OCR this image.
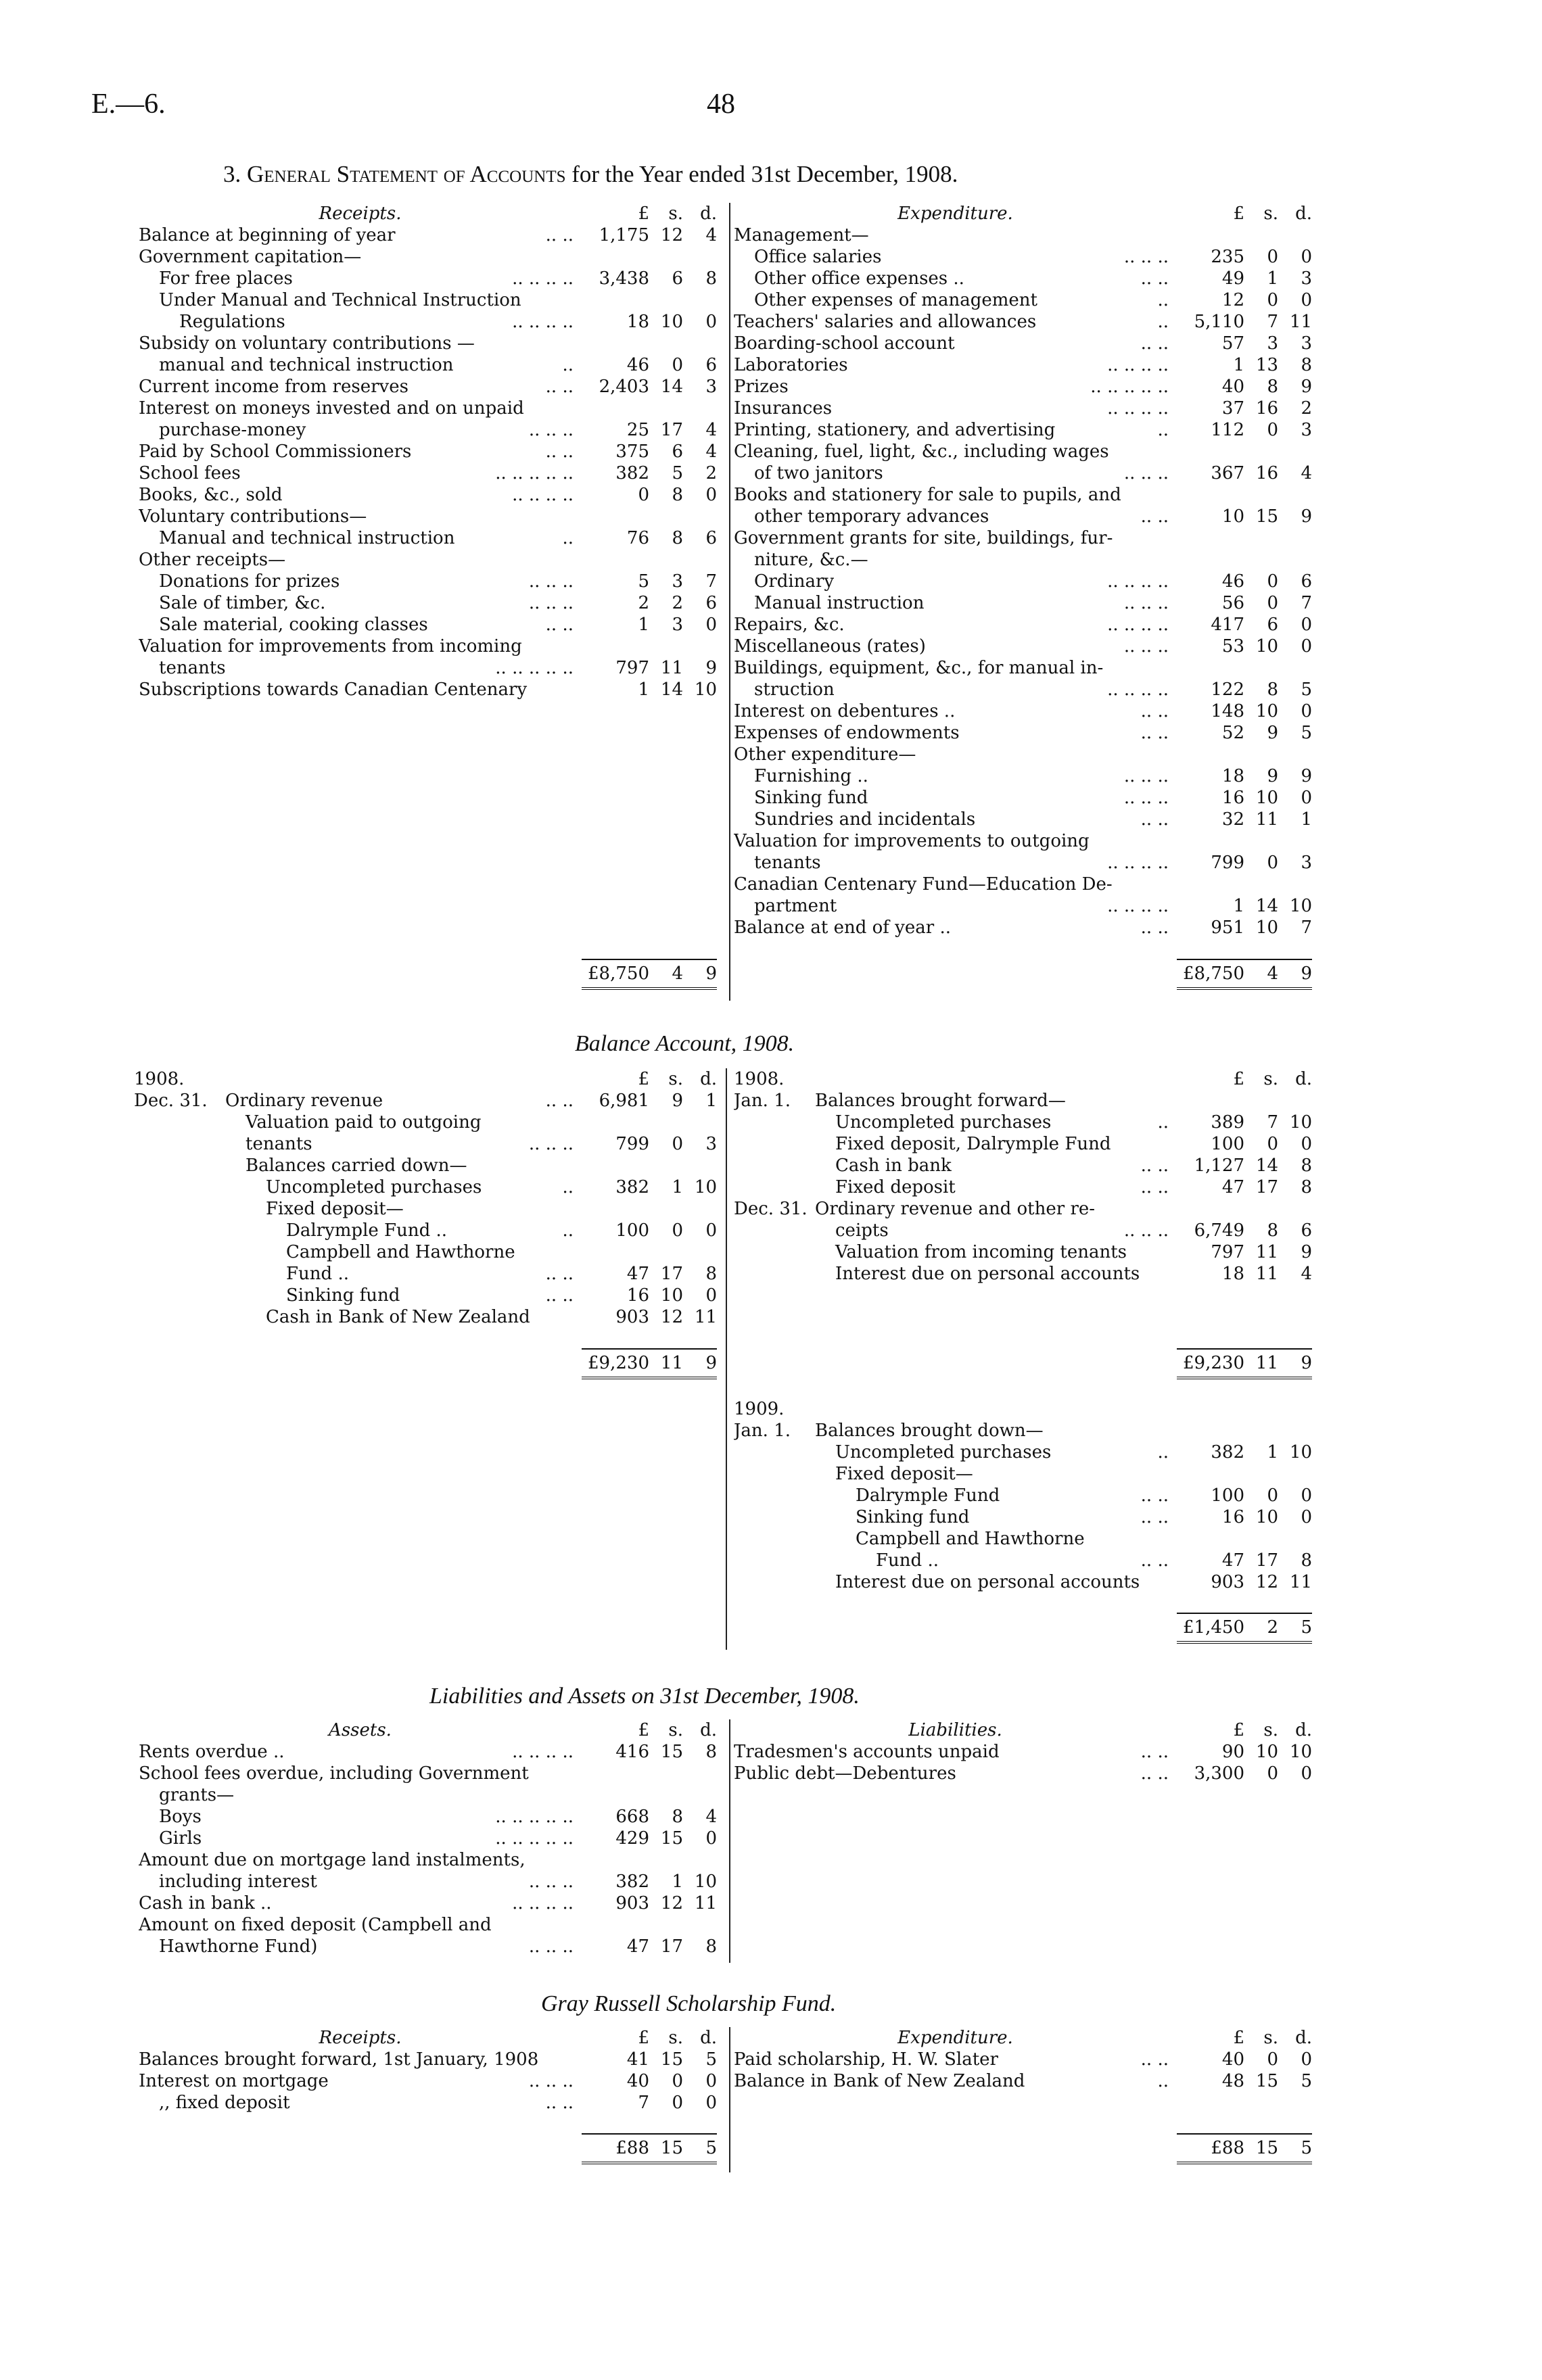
E.—6.	48
3. General Statement of Accounts for the Year ended 31st December, 1908.
Receipts.	£	s.	d.
Balance at beginning of year .. ..	1,175	12	4
Government capitation—			
For free places .. .. .. ..	3,438	6	8
Under Manual and Technical Instruction			
Regulations .. .. .. ..	18	10	0
Subsidy on voluntary contributions —			
manual and technical instruction ..	46	0	6
Current income from reserves .. ..	2,403	14	3
Interest on moneys invested and on unpaid			
purchase-money .. .. ..	25	17	4
Paid by School Commissioners .. ..	375	6	4
School fees .. .. .. .. ..	382	5	2
Books, &c., sold .. .. .. ..	0	8	0
Voluntary contributions—			
Manual and technical instruction ..	76	8	6
Other receipts—			
Donations for prizes .. .. ..	5	3	7
Sale of timber, &c. .. .. ..	2	2	6
Sale material, cooking classes .. ..	1	3	0
Valuation for improvements from incoming			
tenants .. .. .. .. ..	797	11	9
Subscriptions towards Canadian Centenary	1	14	10
	£8,750	4	9
Expenditure.	£	s.	d.
Management—			
Office salaries .. .. ..	235	0	0
Other office expenses .. .. ..	49	1	3
Other expenses of management ..	12	0	0
Teachers' salaries and allowances ..	5,110	7	11
Boarding-school account .. ..	57	3	3
Laboratories .. .. .. ..	1	13	8
Prizes .. .. .. .. ..	40	8	9
Insurances .. .. .. ..	37	16	2
Printing, stationery, and advertising ..	112	0	3
Cleaning, fuel, light, &c., including wages			
of two janitors .. .. ..	367	16	4
Books and stationery for sale to pupils, and			
other temporary advances .. ..	10	15	9
Government grants for site, buildings, fur-			
niture, &c.—			
Ordinary .. .. .. ..	46	0	6
Manual instruction .. .. ..	56	0	7
Repairs, &c. .. .. .. ..	417	6	0
Miscellaneous (rates) .. .. ..	53	10	0
Buildings, equipment, &c., for manual in-			
struction .. .. .. ..	122	8	5
Interest on debentures .. .. ..	148	10	0
Expenses of endowments .. ..	52	9	5
Other expenditure—			
Furnishing .. .. .. ..	18	9	9
Sinking fund .. .. ..	16	10	0
Sundries and incidentals .. ..	32	11	1
Valuation for improvements to outgoing			
tenants .. .. .. ..	799	0	3
Canadian Centenary Fund—Education De-			
partment .. .. .. ..	1	14	10
Balance at end of year .. .. ..	951	10	7
	£8,750	4	9
Balance Account, 1908.
1908.		£	s.	d.
Dec. 31.	Ordinary revenue .. ..	6,981	9	1
	Valuation paid to outgoing			
	tenants .. .. ..	799	0	3
	Balances carried down—			
	Uncompleted purchases ..	382	1	10
	Fixed deposit—			
	Dalrymple Fund .. ..	100	0	0
	Campbell and Hawthorne			
	Fund .. .. ..	47	17	8
	Sinking fund .. ..	16	10	0
	Cash in Bank of New Zealand	903	12	11
		£9,230	11	9
1908.		£	s.	d.
Jan. 1.	Balances brought forward—			
	Uncompleted purchases ..	389	7	10
	Fixed deposit, Dalrymple Fund	100	0	0
	Cash in bank .. ..	1,127	14	8
	Fixed deposit .. ..	47	17	8
Dec. 31.	Ordinary revenue and other re-			
	ceipts .. .. ..	6,749	8	6
	Valuation from incoming tenants	797	11	9
	Interest due on personal accounts	18	11	4
		£9,230	11	9
1909.				
Jan. 1.	Balances brought down—			
	Uncompleted purchases ..	382	1	10
	Fixed deposit—			
	Dalrymple Fund .. ..	100	0	0
	Sinking fund .. ..	16	10	0
	Campbell and Hawthorne			
	Fund .. .. ..	47	17	8
	Interest due on personal accounts	903	12	11
		£1,450	2	5
Liabilities and Assets on 31st December, 1908.
Assets.	£	s.	d.
Rents overdue .. .. .. .. ..	416	15	8
School fees overdue, including Government			
grants—			
Boys .. .. .. .. ..	668	8	4
Girls .. .. .. .. ..	429	15	0
Amount due on mortgage land instalments,			
including interest .. .. ..	382	1	10
Cash in bank .. .. .. .. ..	903	12	11
Amount on fixed deposit (Campbell and			
Hawthorne Fund) .. .. ..	47	17	8
Liabilities.	£	s.	d.
Tradesmen's accounts unpaid .. ..	90	10	10
Public debt—Debentures .. ..	3,300	0	0
Gray Russell Scholarship Fund.
Receipts.	£	s.	d.
Balances brought forward, 1st January, 1908	41	15	5
Interest on mortgage .. .. ..	40	0	0
,, fixed deposit .. ..	7	0	0
	£88	15	5
Expenditure.	£	s.	d.
Paid scholarship, H. W. Slater .. ..	40	0	0
Balance in Bank of New Zealand ..	48	15	5
	£88	15	5
